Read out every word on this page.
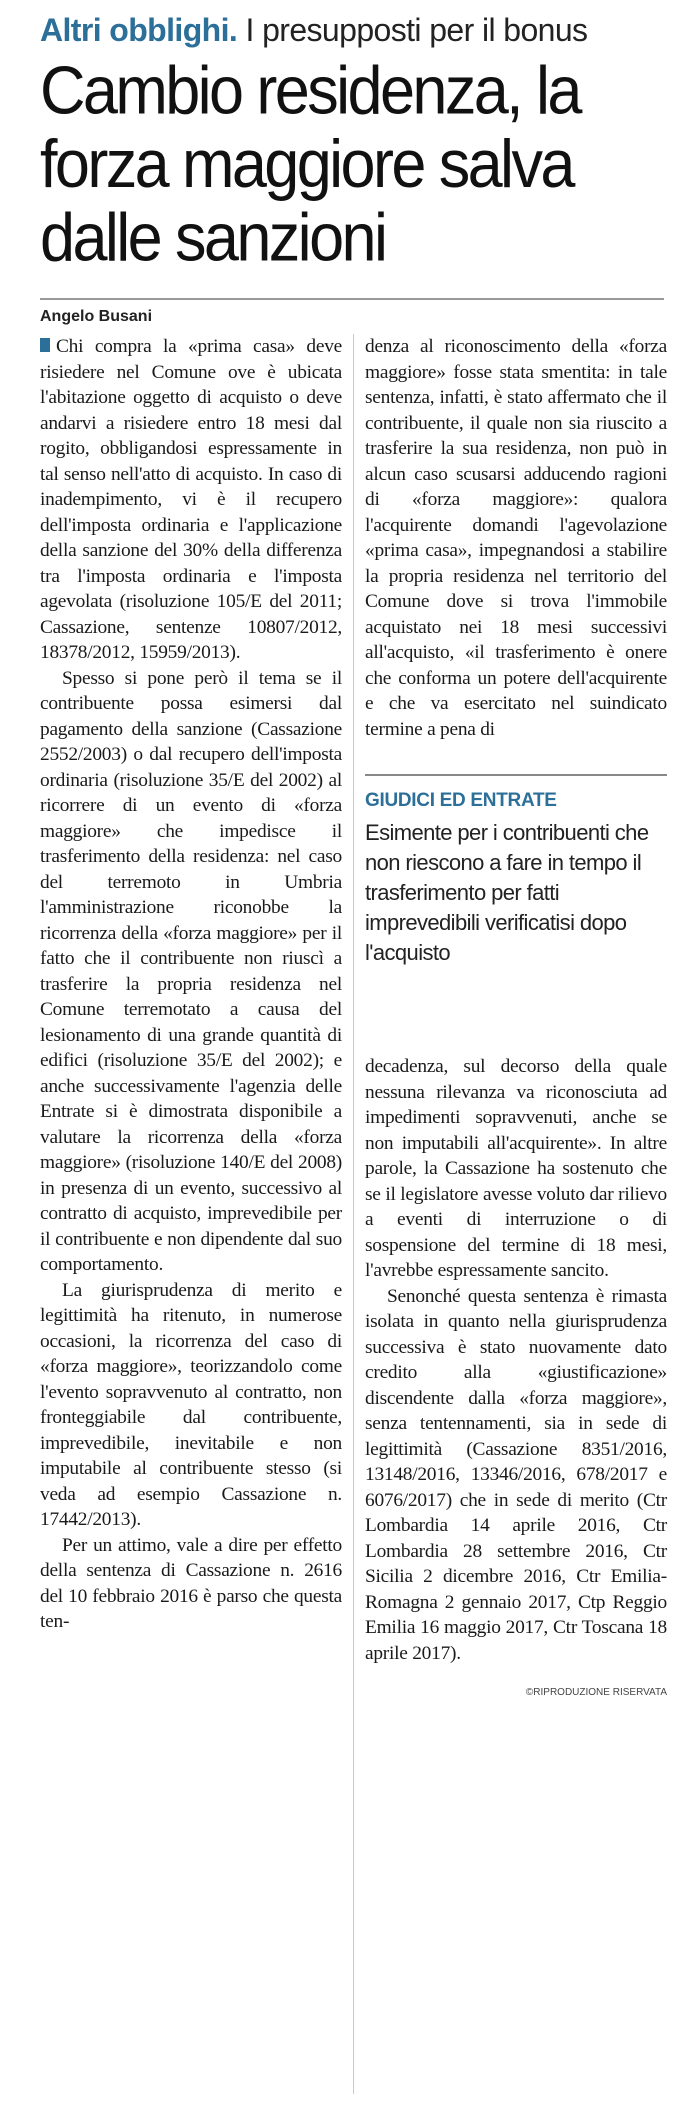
Altri obblighi. I presupposti per il bonus
Cambio residenza, la forza maggiore salva dalle sanzioni
Angelo Busani

Chi compra la «prima casa» deve risiedere nel Comune ove è ubicata l'abitazione oggetto di acquisto o deve andarvi a risiedere entro 18 mesi dal rogito, obbligandosi espressamente in tal senso nell'atto di acquisto. In caso di inadempimento, vi è il recupero dell'imposta ordinaria e l'applicazione della sanzione del 30% della differenza tra l'imposta ordinaria e l'imposta agevolata (risoluzione 105/E del 2011; Cassazione, sentenze 10807/2012, 18378/2012, 15959/2013).

Spesso si pone però il tema se il contribuente possa esimersi dal pagamento della sanzione (Cassazione 2552/2003) o dal recupero dell'imposta ordinaria (risoluzione 35/E del 2002) al ricorrere di un evento di «forza maggiore» che impedisce il trasferimento della residenza: nel caso del terremoto in Umbria l'amministrazione riconobbe la ricorrenza della «forza maggiore» per il fatto che il contribuente non riuscì a trasferire la propria residenza nel Comune terremotato a causa del lesionamento di una grande quantità di edifici (risoluzione 35/E del 2002); e anche successivamente l'agenzia delle Entrate si è dimostrata disponibile a valutare la ricorrenza della «forza maggiore» (risoluzione 140/E del 2008) in presenza di un evento, successivo al contratto di acquisto, imprevedibile per il contribuente e non dipendente dal suo comportamento.

La giurisprudenza di merito e legittimità ha ritenuto, in numerose occasioni, la ricorrenza del caso di «forza maggiore», teorizzandolo come l'evento sopravvenuto al contratto, non fronteggiabile dal contribuente, imprevedibile, inevitabile e non imputabile al contribuente stesso (si veda ad esempio Cassazione n. 17442/2013).

Per un attimo, vale a dire per effetto della sentenza di Cassazione n. 2616 del 10 febbraio 2016 è parso che questa ten-

denza al riconoscimento della «forza maggiore» fosse stata smentita: in tale sentenza, infatti, è stato affermato che il contribuente, il quale non sia riuscito a trasferire la sua residenza, non può in alcun caso scusarsi adducendo ragioni di «forza maggiore»: qualora l'acquirente domandi l'agevolazione «prima casa», impegnandosi a stabilire la propria residenza nel territorio del Comune dove si trova l'immobile acquistato nei 18 mesi successivi all'acquisto, «il trasferimento è onere che conforma un potere dell'acquirente e che va esercitato nel suindicato termine a pena di

GIUDICI ED ENTRATE
Esimente per i contribuenti che non riescono a fare in tempo il trasferimento per fatti imprevedibili verificatisi dopo l'acquisto

decadenza, sul decorso della quale nessuna rilevanza va riconosciuta ad impedimenti sopravvenuti, anche se non imputabili all'acquirente». In altre parole, la Cassazione ha sostenuto che se il legislatore avesse voluto dar rilievo a eventi di interruzione o di sospensione del termine di 18 mesi, l'avrebbe espressamente sancito.

Senonché questa sentenza è rimasta isolata in quanto nella giurisprudenza successiva è stato nuovamente dato credito alla «giustificazione» discendente dalla «forza maggiore», senza tentennamenti, sia in sede di legittimità (Cassazione 8351/2016, 13148/2016, 13346/2016, 678/2017 e 6076/2017) che in sede di merito (Ctr Lombardia 14 aprile 2016, Ctr Lombardia 28 settembre 2016, Ctr Sicilia 2 dicembre 2016, Ctr Emilia-Romagna 2 gennaio 2017, Ctp Reggio Emilia 16 maggio 2017, Ctr Toscana 18 aprile 2017).

©RIPRODUZIONE RISERVATA
